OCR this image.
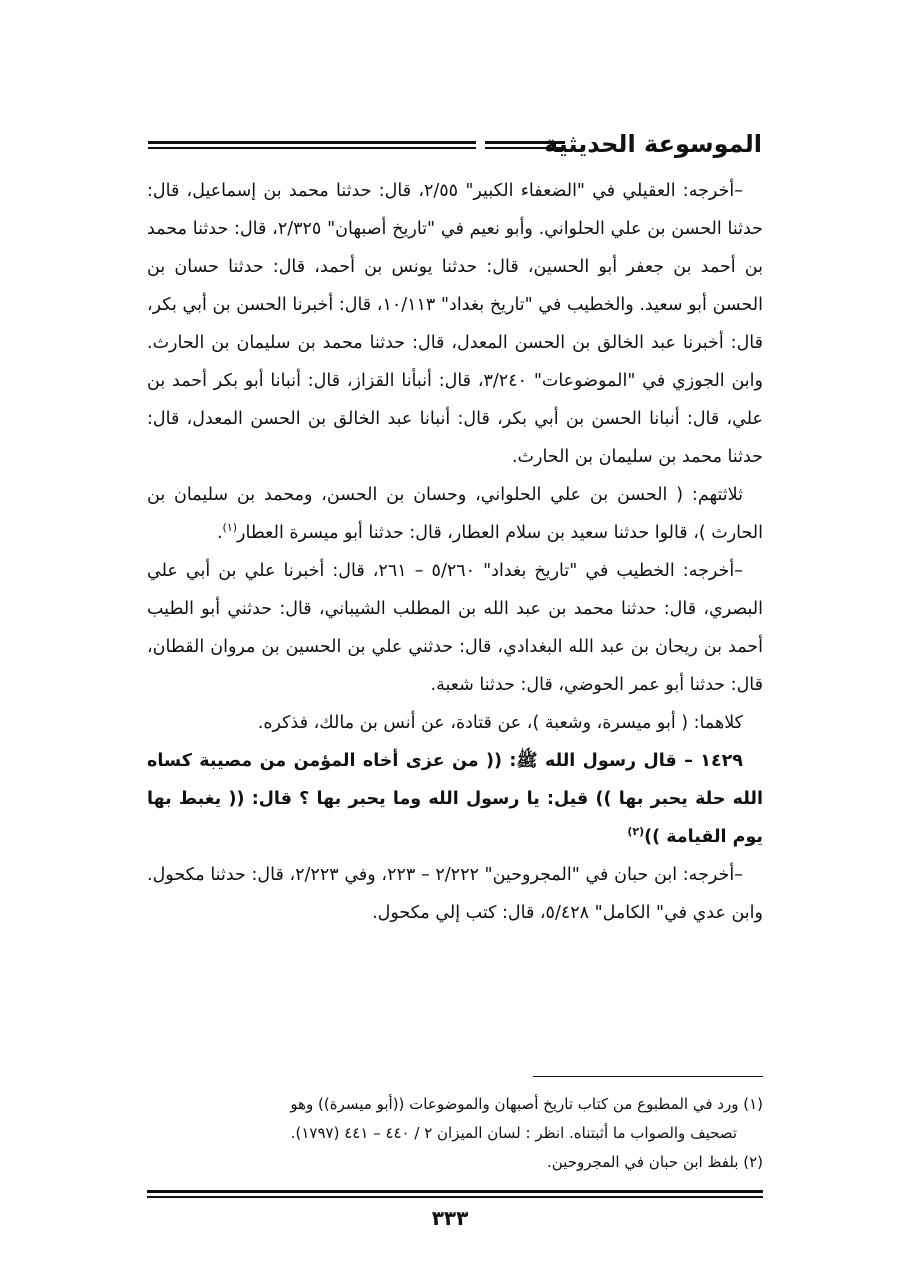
الموسوعة الحديثية

–أخرجه: العقيلي في "الضعفاء الكبير" ٢/٥٥، قال: حدثنا محمد بن إسماعيل، قال: حدثنا الحسن بن علي الحلواني. وأبو نعيم في "تاريخ أصبهان" ٢/٣٢٥، قال: حدثنا محمد بن أحمد بن جعفر أبو الحسين، قال: حدثنا يونس بن أحمد، قال: حدثنا حسان بن الحسن أبو سعيد. والخطيب في "تاريخ بغداد" ١٠/١١٣، قال: أخبرنا الحسن بن أبي بكر، قال: أخبرنا عبد الخالق بن الحسن المعدل، قال: حدثنا محمد بن سليمان بن الحارث. وابن الجوزي في "الموضوعات" ٣/٢٤٠، قال: أنبأنا القزاز، قال: أنبانا أبو بكر أحمد بن علي، قال: أنبانا الحسن بن أبي بكر، قال: أنبانا عبد الخالق بن الحسن المعدل، قال: حدثنا محمد بن سليمان بن الحارث.

ثلاثتهم: ( الحسن بن علي الحلواني، وحسان بن الحسن، ومحمد بن سليمان بن الحارث )، قالوا حدثنا سعيد بن سلام العطار، قال: حدثنا أبو ميسرة العطار$^{(١)}$.

–أخرجه: الخطيب في "تاريخ بغداد" ٥/٢٦٠ – ٢٦١، قال: أخبرنا علي بن أبي علي البصري، قال: حدثنا محمد بن عبد الله بن المطلب الشيباني، قال: حدثني أبو الطيب أحمد بن ريحان بن عبد الله البغدادي، قال: حدثني علي بن الحسين بن مروان القطان، قال: حدثنا أبو عمر الحوضي، قال: حدثنا شعبة.

كلاهما: ( أبو ميسرة، وشعبة )، عن قتادة، عن أنس بن مالك، فذكره.

١٤٢٩ – قال رسول الله ﷺ: (( من عزى أخاه المؤمن من مصيبة كساه الله حلة يحبر بها )) قيل: يا رسول الله وما يحبر بها ؟ قال: (( يغبط بها يوم القيامة ))$^{(٢)}$

–أخرجه: ابن حبان في "المجروحين" ٢/٢٢٢ – ٢٢٣، وفي ٢/٢٢٣، قال: حدثنا مكحول. وابن عدي في" الكامل" ٥/٤٢٨، قال: كتب إلي مكحول.

(١) ورد في المطبوع من كتاب تاريخ أصبهان والموضوعات ((أبو ميسرة)) وهو

تصحيف والصواب ما أثبتناه. انظر : لسان الميزان ٢ / ٤٤٠ – ٤٤١ (١٧٩٧).

(٢) بلفظ ابن حبان في المجروحين.

٣٣٣
